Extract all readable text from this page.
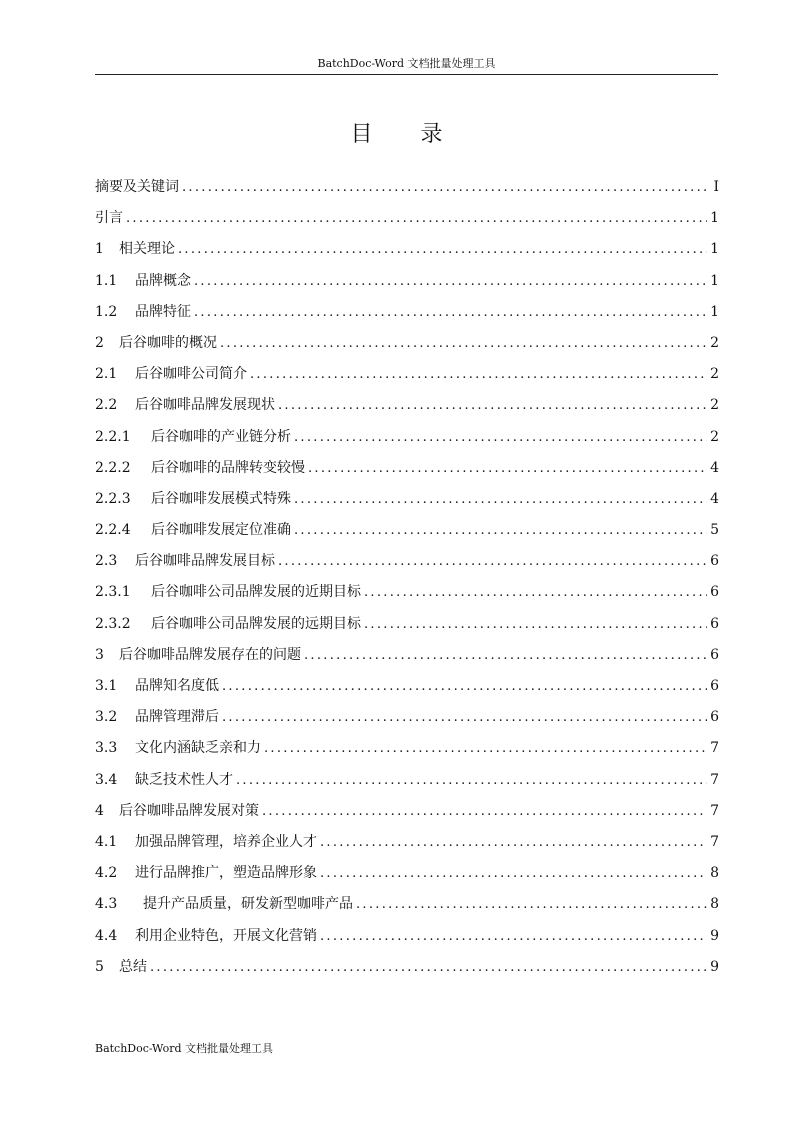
BatchDoc-Word 文档批量处理工具
目录
摘要及关键词 .....	I
引言 .....	1
1	相关理论 .....	1
1.1	品牌概念 .....	1
1.2	品牌特征 .....	1
2	后谷咖啡的概况 .....	2
2.1	后谷咖啡公司简介 .....	2
2.2	后谷咖啡品牌发展现状 .....	2
2.2.1	后谷咖啡的产业链分析 .....	2
2.2.2	后谷咖啡的品牌转变较慢 .....	4
2.2.3	后谷咖啡发展模式特殊 .....	4
2.2.4	后谷咖啡发展定位准确 .....	5
2.3	后谷咖啡品牌发展目标 .....	6
2.3.1	后谷咖啡公司品牌发展的近期目标 .....	6
2.3.2	后谷咖啡公司品牌发展的远期目标 .....	6
3	后谷咖啡品牌发展存在的问题 .....	6
3.1	品牌知名度低 .....	6
3.2	品牌管理滞后 .....	6
3.3	文化内涵缺乏亲和力 .....	7
3.4	缺乏技术性人才 .....	7
4	后谷咖啡品牌发展对策 .....	7
4.1	加强品牌管理，培养企业人才 .....	7
4.2	进行品牌推广，塑造品牌形象 .....	8
4.3	提升产品质量，研发新型咖啡产品 .....	8
4.4	利用企业特色，开展文化营销 .....	9
5	总结 .....	9
BatchDoc-Word 文档批量处理工具
